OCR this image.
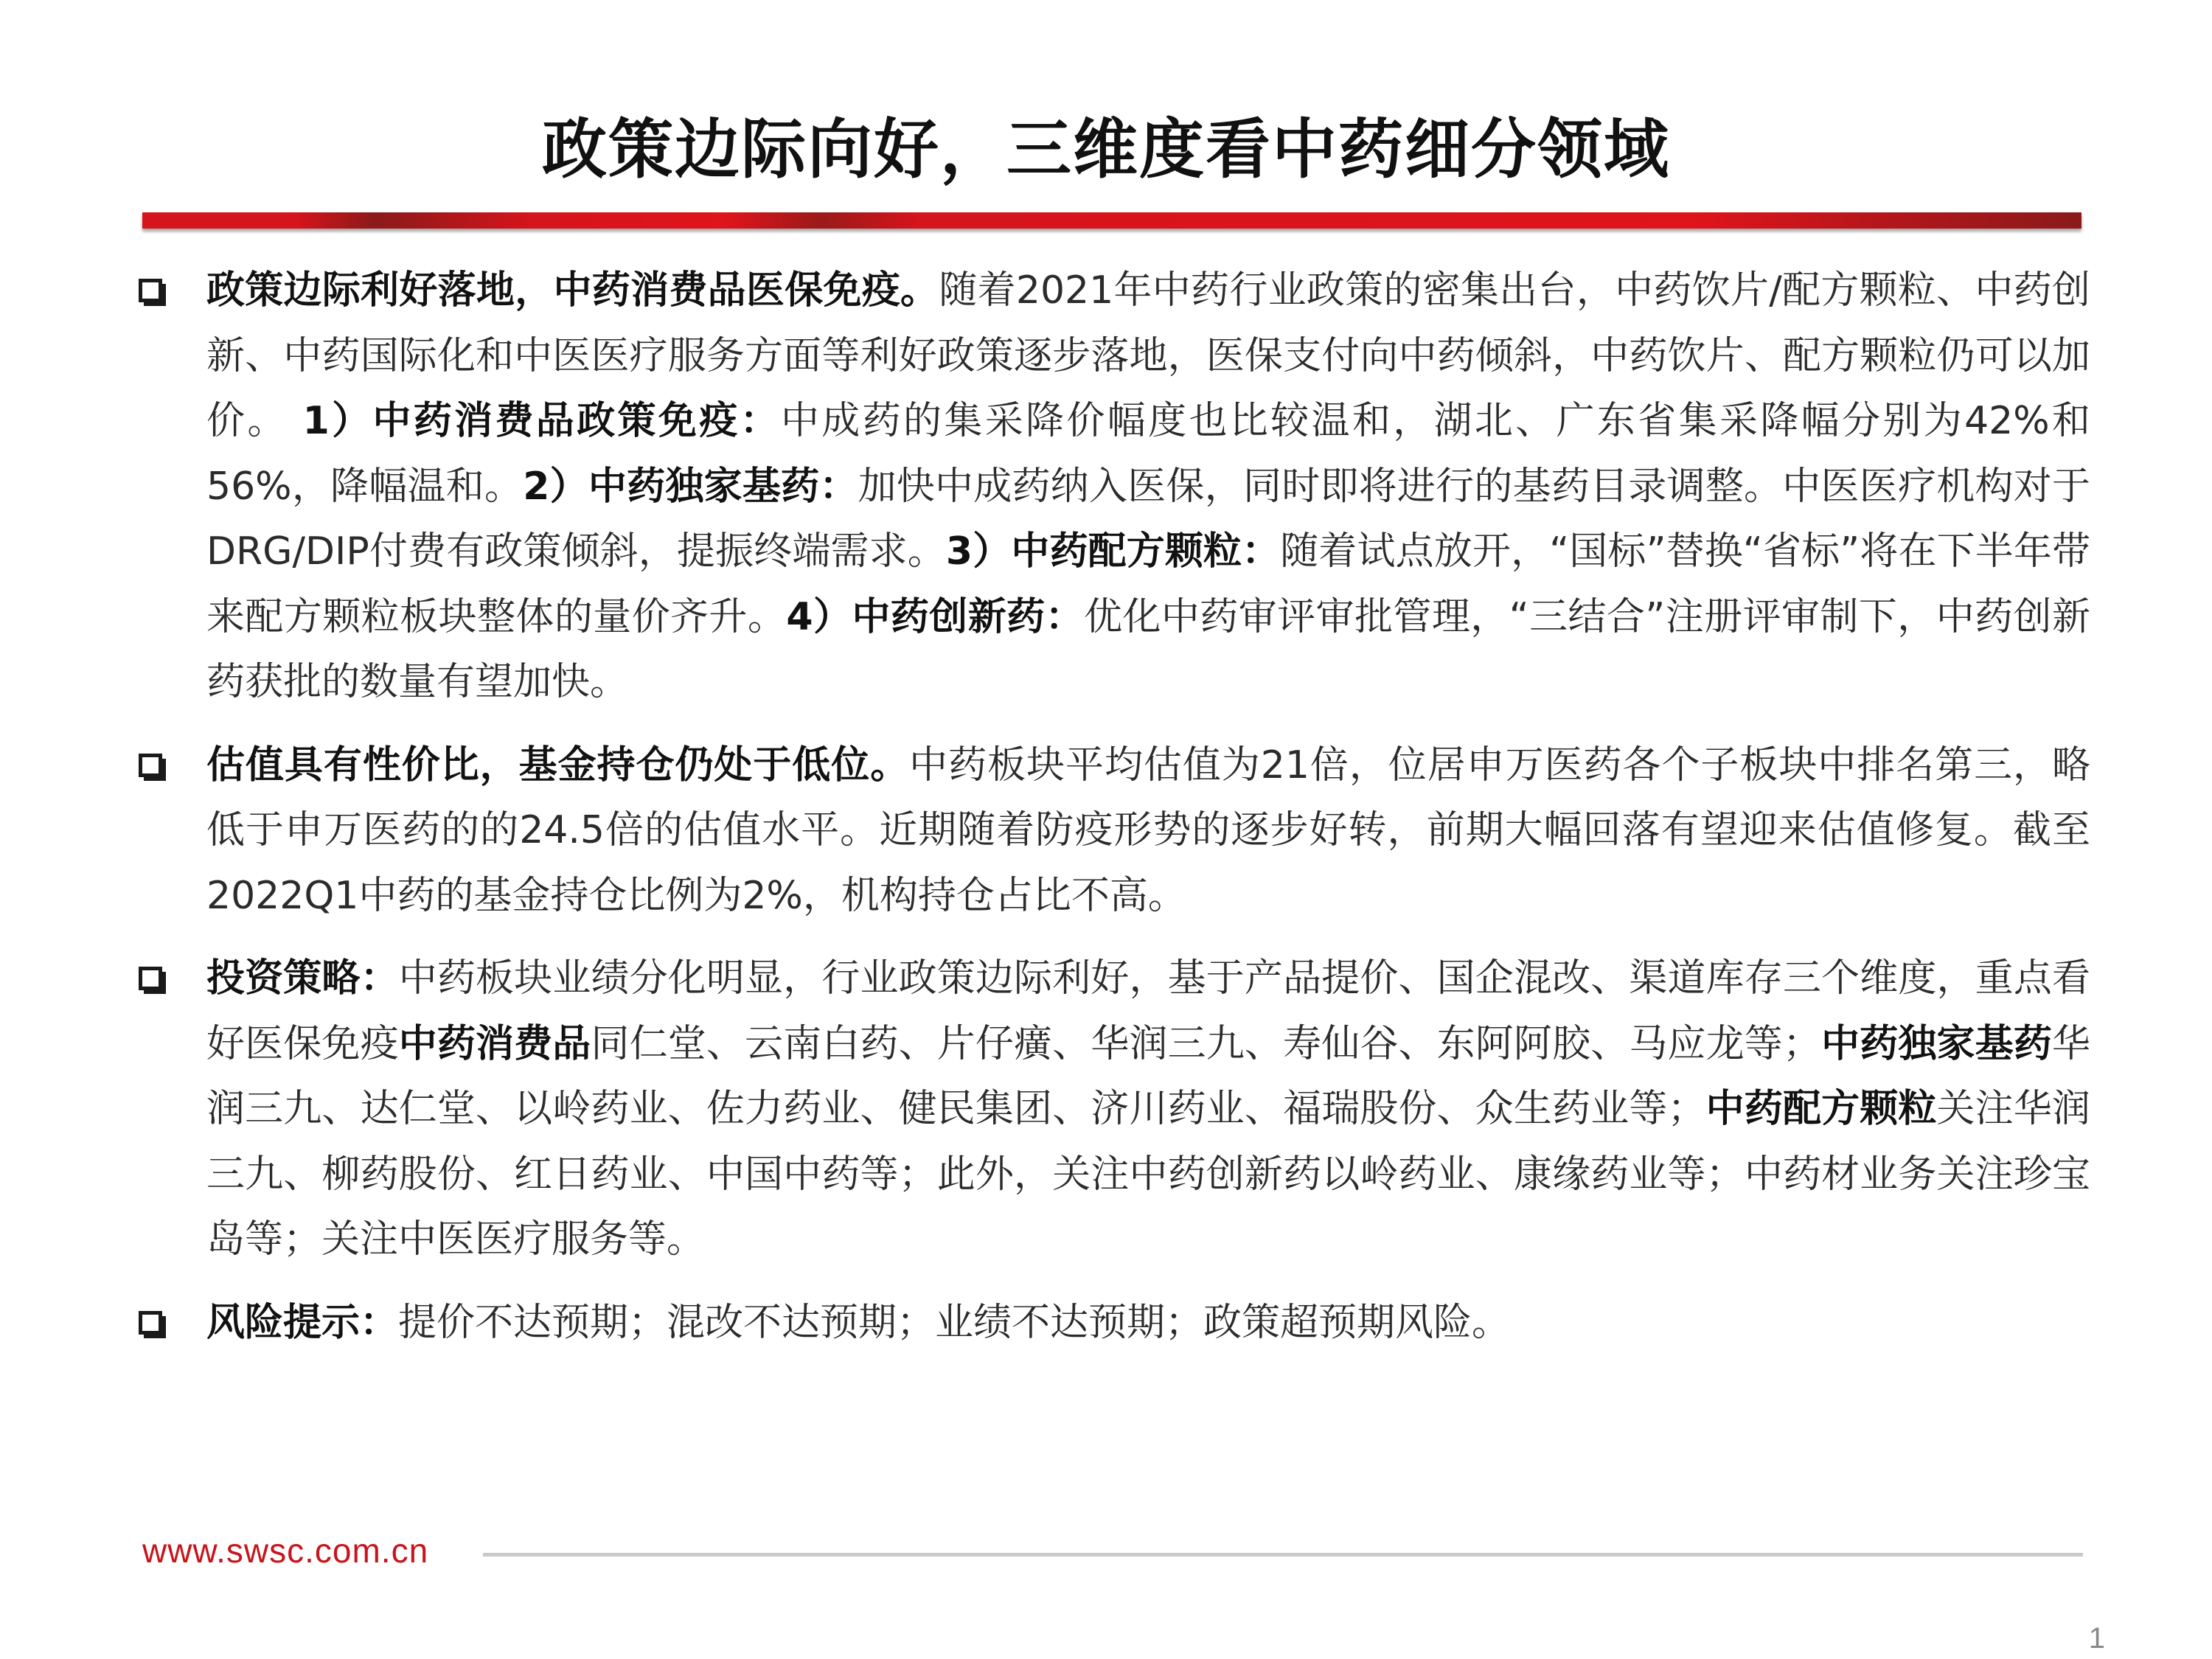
政策边际向好，三维度看中药细分领域
政策边际利好落地，中药消费品医保免疫。随着2021年中药行业政策的密集出台，中药饮片/配方颗粒、中药创新、中药国际化和中医医疗服务方面等利好政策逐步落地，医保支付向中药倾斜，中药饮片、配方颗粒仍可以加价。 1）中药消费品政策免疫：中成药的集采降价幅度也比较温和，湖北、广东省集采降幅分别为42%和56%，降幅温和。2）中药独家基药：加快中成药纳入医保，同时即将进行的基药目录调整。中医医疗机构对于DRG/DIP付费有政策倾斜，提振终端需求。3）中药配方颗粒：随着试点放开，“国标”替换“省标”将在下半年带来配方颗粒板块整体的量价齐升。4）中药创新药：优化中药审评审批管理，“三结合”注册评审制下，中药创新药获批的数量有望加快。
估值具有性价比，基金持仓仍处于低位。中药板块平均估值为21倍，位居申万医药各个子板块中排名第三，略低于申万医药的的24.5倍的估值水平。近期随着防疫形势的逐步好转，前期大幅回落有望迎来估值修复。截至2022Q1中药的基金持仓比例为2%，机构持仓占比不高。
投资策略：中药板块业绩分化明显，行业政策边际利好，基于产品提价、国企混改、渠道库存三个维度，重点看好医保免疫中药消费品同仁堂、云南白药、片仔癀、华润三九、寿仙谷、东阿阿胶、马应龙等；中药独家基药华润三九、达仁堂、以岭药业、佐力药业、健民集团、济川药业、福瑞股份、众生药业等；中药配方颗粒关注华润三九、柳药股份、红日药业、中国中药等；此外，关注中药创新药以岭药业、康缘药业等；中药材业务关注珍宝岛等；关注中医医疗服务等。
风险提示：提价不达预期；混改不达预期；业绩不达预期；政策超预期风险。
www.swsc.com.cn
1
